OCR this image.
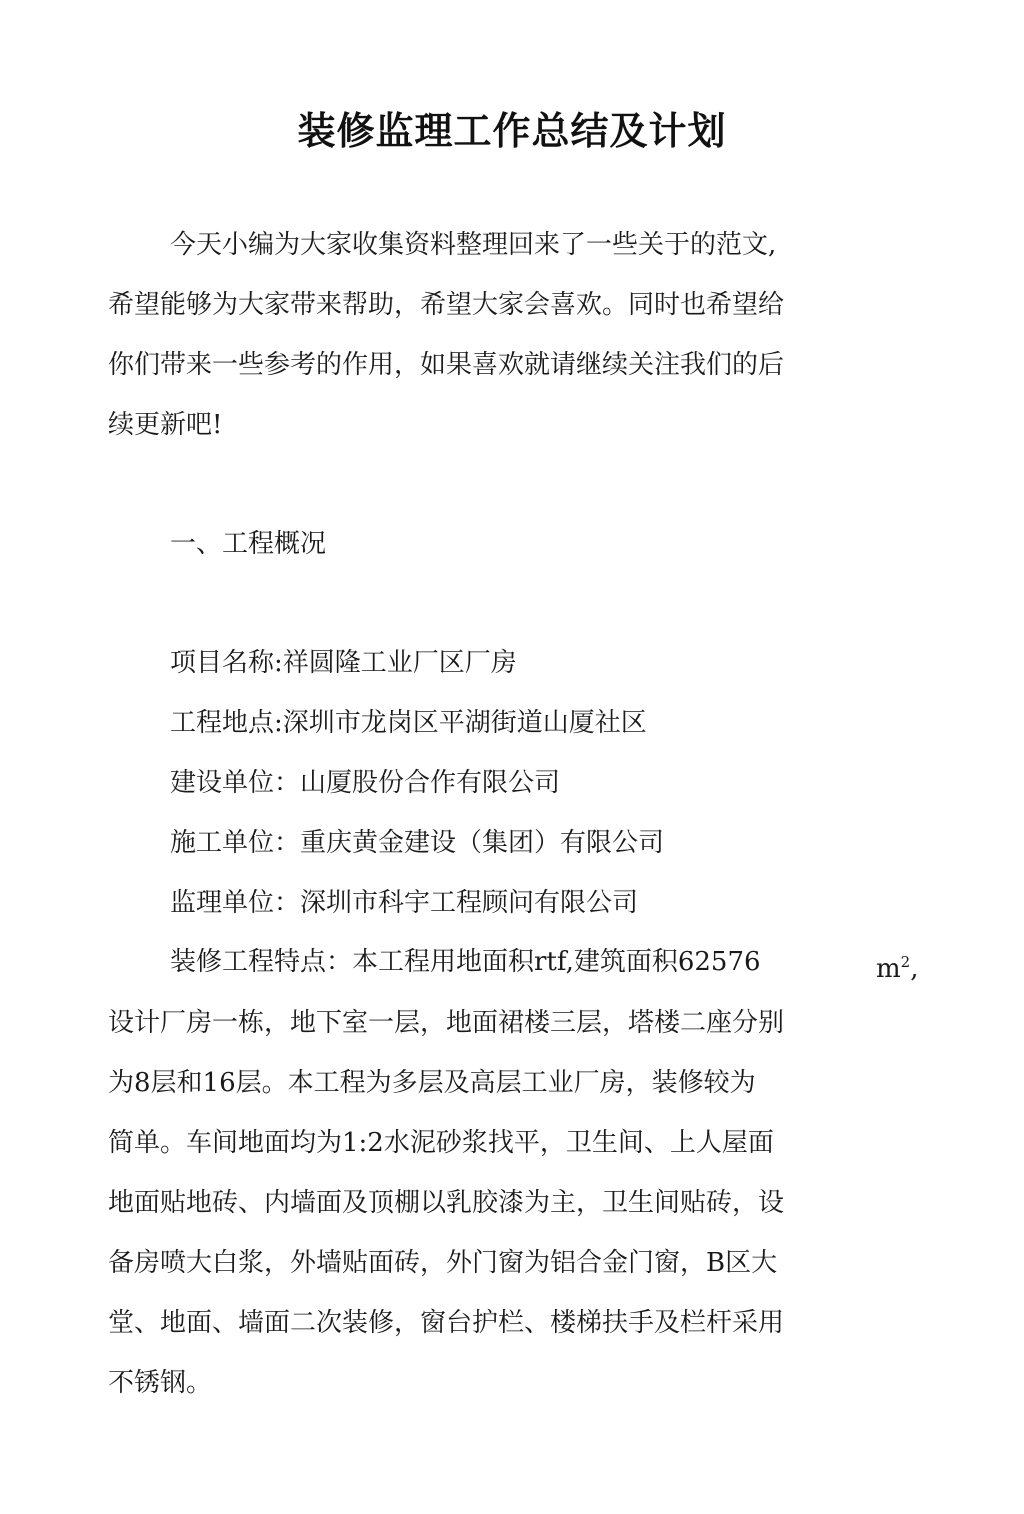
装修监理工作总结及计划
今天小编为大家收集资料整理回来了一些关于的范文,
希望能够为大家带来帮助，希望大家会喜欢。同时也希望给
你们带来一些参考的作用，如果喜欢就请继续关注我们的后
续更新吧!
一、工程概况
项目名称:祥圆隆工业厂区厂房
工程地点:深圳市龙岗区平湖街道山厦社区
建设单位：山厦股份合作有限公司
施工单位：重庆黄金建设（集团）有限公司
监理单位：深圳市科宇工程顾问有限公司
装修工程特点：本工程用地面积rtf,建筑面积62576	$m^2$,
设计厂房一栋，地下室一层，地面裙楼三层，塔楼二座分别
为8层和16层。本工程为多层及高层工业厂房，装修较为
简单。车间地面均为1:2水泥砂浆找平，卫生间、上人屋面
地面贴地砖、内墙面及顶棚以乳胶漆为主，卫生间贴砖，设
备房喷大白浆，外墙贴面砖，外门窗为铝合金门窗，B区大
堂、地面、墙面二次装修，窗台护栏、楼梯扶手及栏杆采用
不锈钢。
